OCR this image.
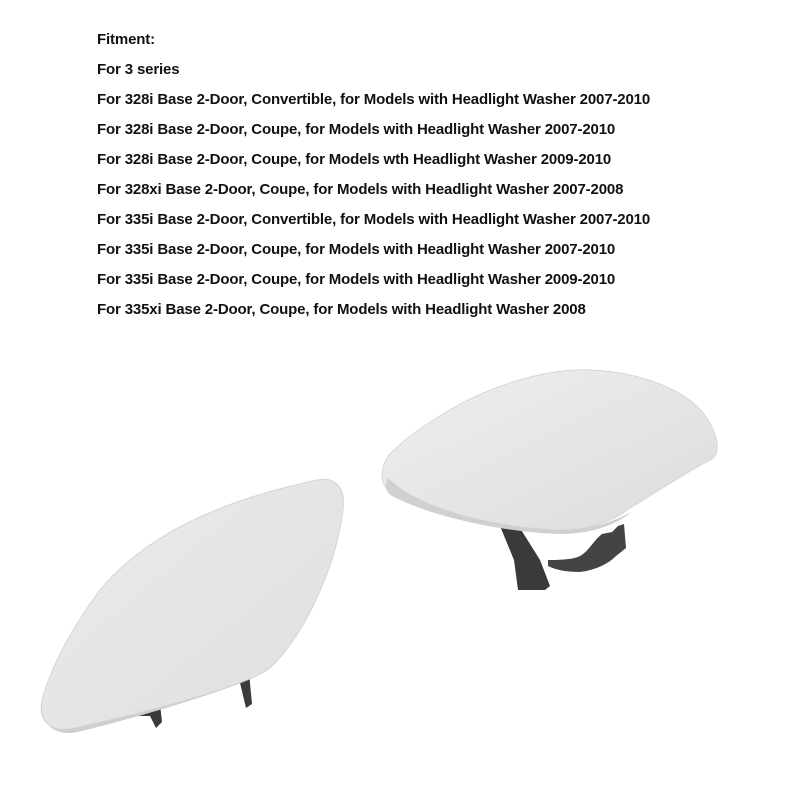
Fitment:
For 3 series
For 328i Base 2-Door, Convertible, for Models with Headlight Washer 2007-2010
For 328i Base 2-Door, Coupe, for Models with Headlight Washer 2007-2010
For 328i Base 2-Door, Coupe, for Models wth Headlight Washer 2009-2010
For 328xi Base 2-Door, Coupe, for Models with Headlight Washer 2007-2008
For 335i Base 2-Door, Convertible, for Models with Headlight Washer 2007-2010
For 335i Base 2-Door, Coupe, for Models with Headlight Washer 2007-2010
For 335i Base 2-Door, Coupe, for Models with Headlight Washer 2009-2010
For 335xi Base 2-Door, Coupe, for Models with Headlight Washer 2008
